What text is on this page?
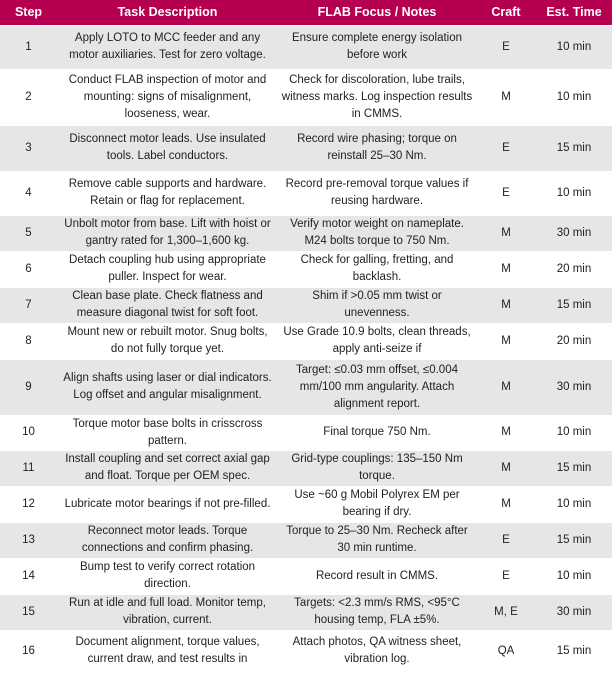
Step	Task Description	FLAB Focus / Notes	Craft	Est. Time
1	Apply LOTO to MCC feeder and any motor auxiliaries. Test for zero voltage.	Ensure complete energy isolation before work	E	10 min
2	Conduct FLAB inspection of motor and mounting: signs of misalignment, looseness, wear.	Check for discoloration, lube trails, witness marks. Log inspection results in CMMS.	M	10 min
3	Disconnect motor leads. Use insulated tools. Label conductors.	Record wire phasing; torque on reinstall 25–30 Nm.	E	15 min
4	Remove cable supports and hardware. Retain or flag for replacement.	Record pre-removal torque values if reusing hardware.	E	10 min
5	Unbolt motor from base. Lift with hoist or gantry rated for 1,300–1,600 kg.	Verify motor weight on nameplate. M24 bolts torque to 750 Nm.	M	30 min
6	Detach coupling hub using appropriate puller. Inspect for wear.	Check for galling, fretting, and backlash.	M	20 min
7	Clean base plate. Check flatness and measure diagonal twist for soft foot.	Shim if >0.05 mm twist or unevenness.	M	15 min
8	Mount new or rebuilt motor. Snug bolts, do not fully torque yet.	Use Grade 10.9 bolts, clean threads, apply anti-seize if	M	20 min
9	Align shafts using laser or dial indicators. Log offset and angular misalignment.	Target: ≤0.03 mm offset, ≤0.004 mm/100 mm angularity. Attach alignment report.	M	30 min
10	Torque motor base bolts in crisscross pattern.	Final torque 750 Nm.	M	10 min
11	Install coupling and set correct axial gap and float. Torque per OEM spec.	Grid-type couplings: 135–150 Nm torque.	M	15 min
12	Lubricate motor bearings if not pre-filled.	Use ~60 g Mobil Polyrex EM per bearing if dry.	M	10 min
13	Reconnect motor leads. Torque connections and confirm phasing.	Torque to 25–30 Nm. Recheck after 30 min runtime.	E	15 min
14	Bump test to verify correct rotation direction.	Record result in CMMS.	E	10 min
15	Run at idle and full load. Monitor temp, vibration, current.	Targets: <2.3 mm/s RMS, <95°C housing temp, FLA ±5%.	M, E	30 min
16	Document alignment, torque values, current draw, and test results in	Attach photos, QA witness sheet, vibration log.	QA	15 min
